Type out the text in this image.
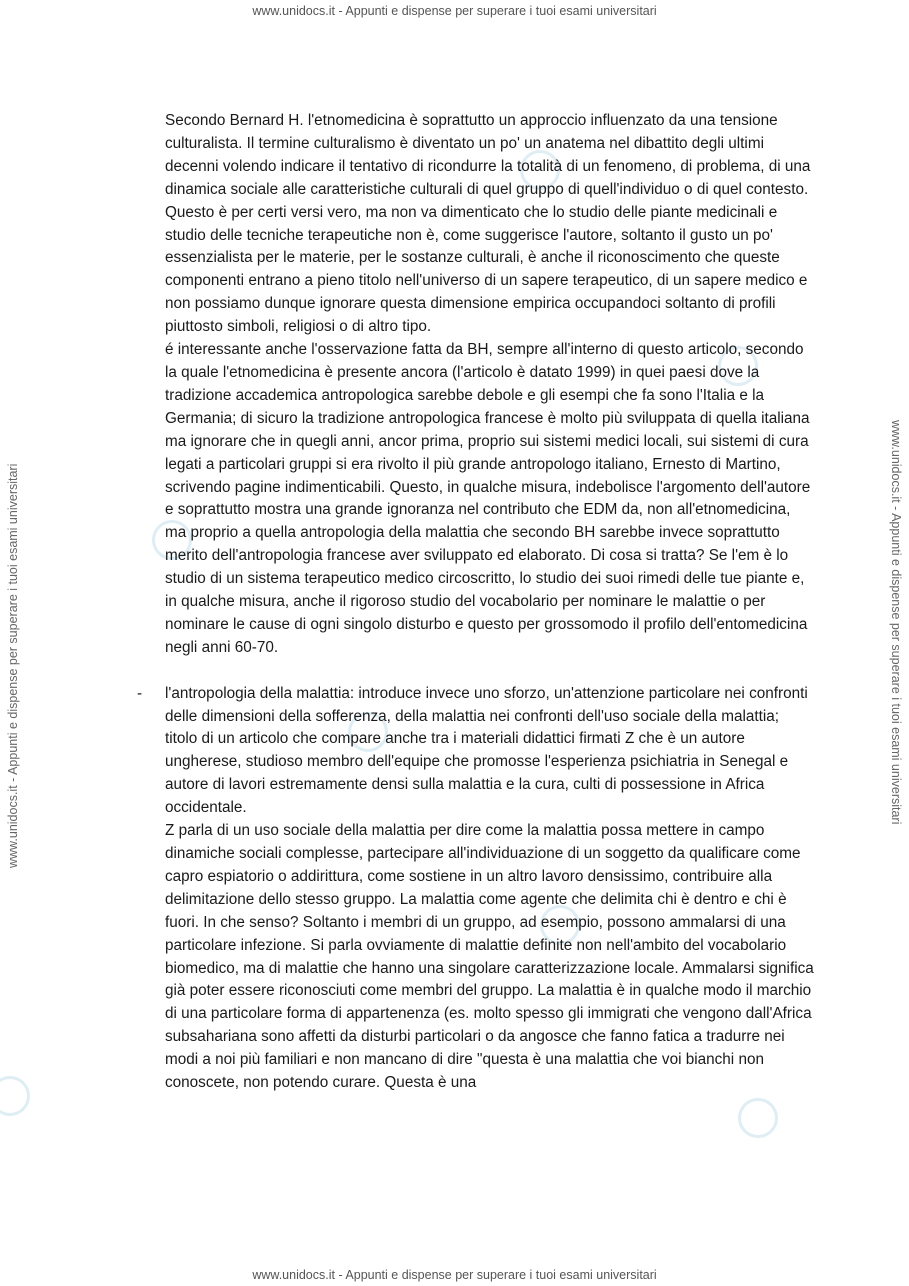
www.unidocs.it - Appunti e dispense per superare i tuoi esami universitari
www.unidocs.it - Appunti e dispense per superare i tuoi esami universitari	www.unidocs.it - Appunti e dispense per superare i tuoi esami universitari

Secondo Bernard H. l'etnomedicina è soprattutto un approccio influenzato da una tensione culturalista. Il termine culturalismo è diventato un po' un anatema nel dibattito degli ultimi decenni volendo indicare il tentativo di ricondurre la totalità di un fenomeno, di problema, di una dinamica sociale alle caratteristiche culturali di quel gruppo di quell'individuo o di quel contesto. Questo è per certi versi vero, ma non va dimenticato che lo studio delle piante medicinali e studio delle tecniche terapeutiche non è, come suggerisce l'autore, soltanto il gusto un po' essenzialista per le materie, per le sostanze culturali, è anche il riconoscimento che queste componenti entrano a pieno titolo nell'universo di un sapere terapeutico, di un sapere medico e non possiamo dunque ignorare questa dimensione empirica occupandoci soltanto di profili piuttosto simboli, religiosi o di altro tipo.

é interessante anche l'osservazione fatta da BH, sempre all'interno di questo articolo, secondo la quale l'etnomedicina è presente ancora (l'articolo è datato 1999) in quei paesi dove la tradizione accademica antropologica sarebbe debole e gli esempi che fa sono l'Italia e la Germania; di sicuro la tradizione antropologica francese è molto più sviluppata di quella italiana ma ignorare che in quegli anni, ancor prima, proprio sui sistemi medici locali, sui sistemi di cura legati a particolari gruppi si era rivolto il più grande antropologo italiano, Ernesto di Martino, scrivendo pagine indimenticabili. Questo, in qualche misura, indebolisce l'argomento dell'autore e soprattutto mostra una grande ignoranza nel contributo che EDM da, non all'etnomedicina, ma proprio a quella antropologia della malattia che secondo BH sarebbe invece soprattutto merito dell'antropologia francese aver sviluppato ed elaborato. Di cosa si tratta? Se l'em è lo studio di un sistema terapeutico medico circoscritto, lo studio dei suoi rimedi delle tue piante e, in qualche misura, anche il rigoroso studio del vocabolario per nominare le malattie o per nominare le cause di ogni singolo disturbo e questo per grossomodo il profilo dell'entomedicina negli anni 60-70.

- l'antropologia della malattia: introduce invece uno sforzo, un'attenzione particolare nei confronti delle dimensioni della sofferenza, della malattia nei confronti dell'uso sociale della malattia; titolo di un articolo che compare anche tra i materiali didattici firmati Z che è un autore ungherese, studioso membro dell'equipe che promosse l'esperienza psichiatria in Senegal e autore di lavori estremamente densi sulla malattia e la cura, culti di possessione in Africa occidentale.

Z parla di un uso sociale della malattia per dire come la malattia possa mettere in campo dinamiche sociali complesse, partecipare all'individuazione di un soggetto da qualificare come capro espiatorio o addirittura, come sostiene in un altro lavoro densissimo, contribuire alla delimitazione dello stesso gruppo. La malattia come agente che delimita chi è dentro e chi è fuori. In che senso? Soltanto i membri di un gruppo, ad esempio, possono ammalarsi di una particolare infezione. Si parla ovviamente di malattie definite non nell'ambito del vocabolario biomedico, ma di malattie che hanno una singolare caratterizzazione locale. Ammalarsi significa già poter essere riconosciuti come membri del gruppo. La malattia è in qualche modo il marchio di una particolare forma di appartenenza (es. molto spesso gli immigrati che vengono dall'Africa subsahariana sono affetti da disturbi particolari o da angosce che fanno fatica a tradurre nei modi a noi più familiari e non mancano di dire "questa è una malattia che voi bianchi non conoscete, non potendo curare. Questa è una

www.unidocs.it - Appunti e dispense per superare i tuoi esami universitari
